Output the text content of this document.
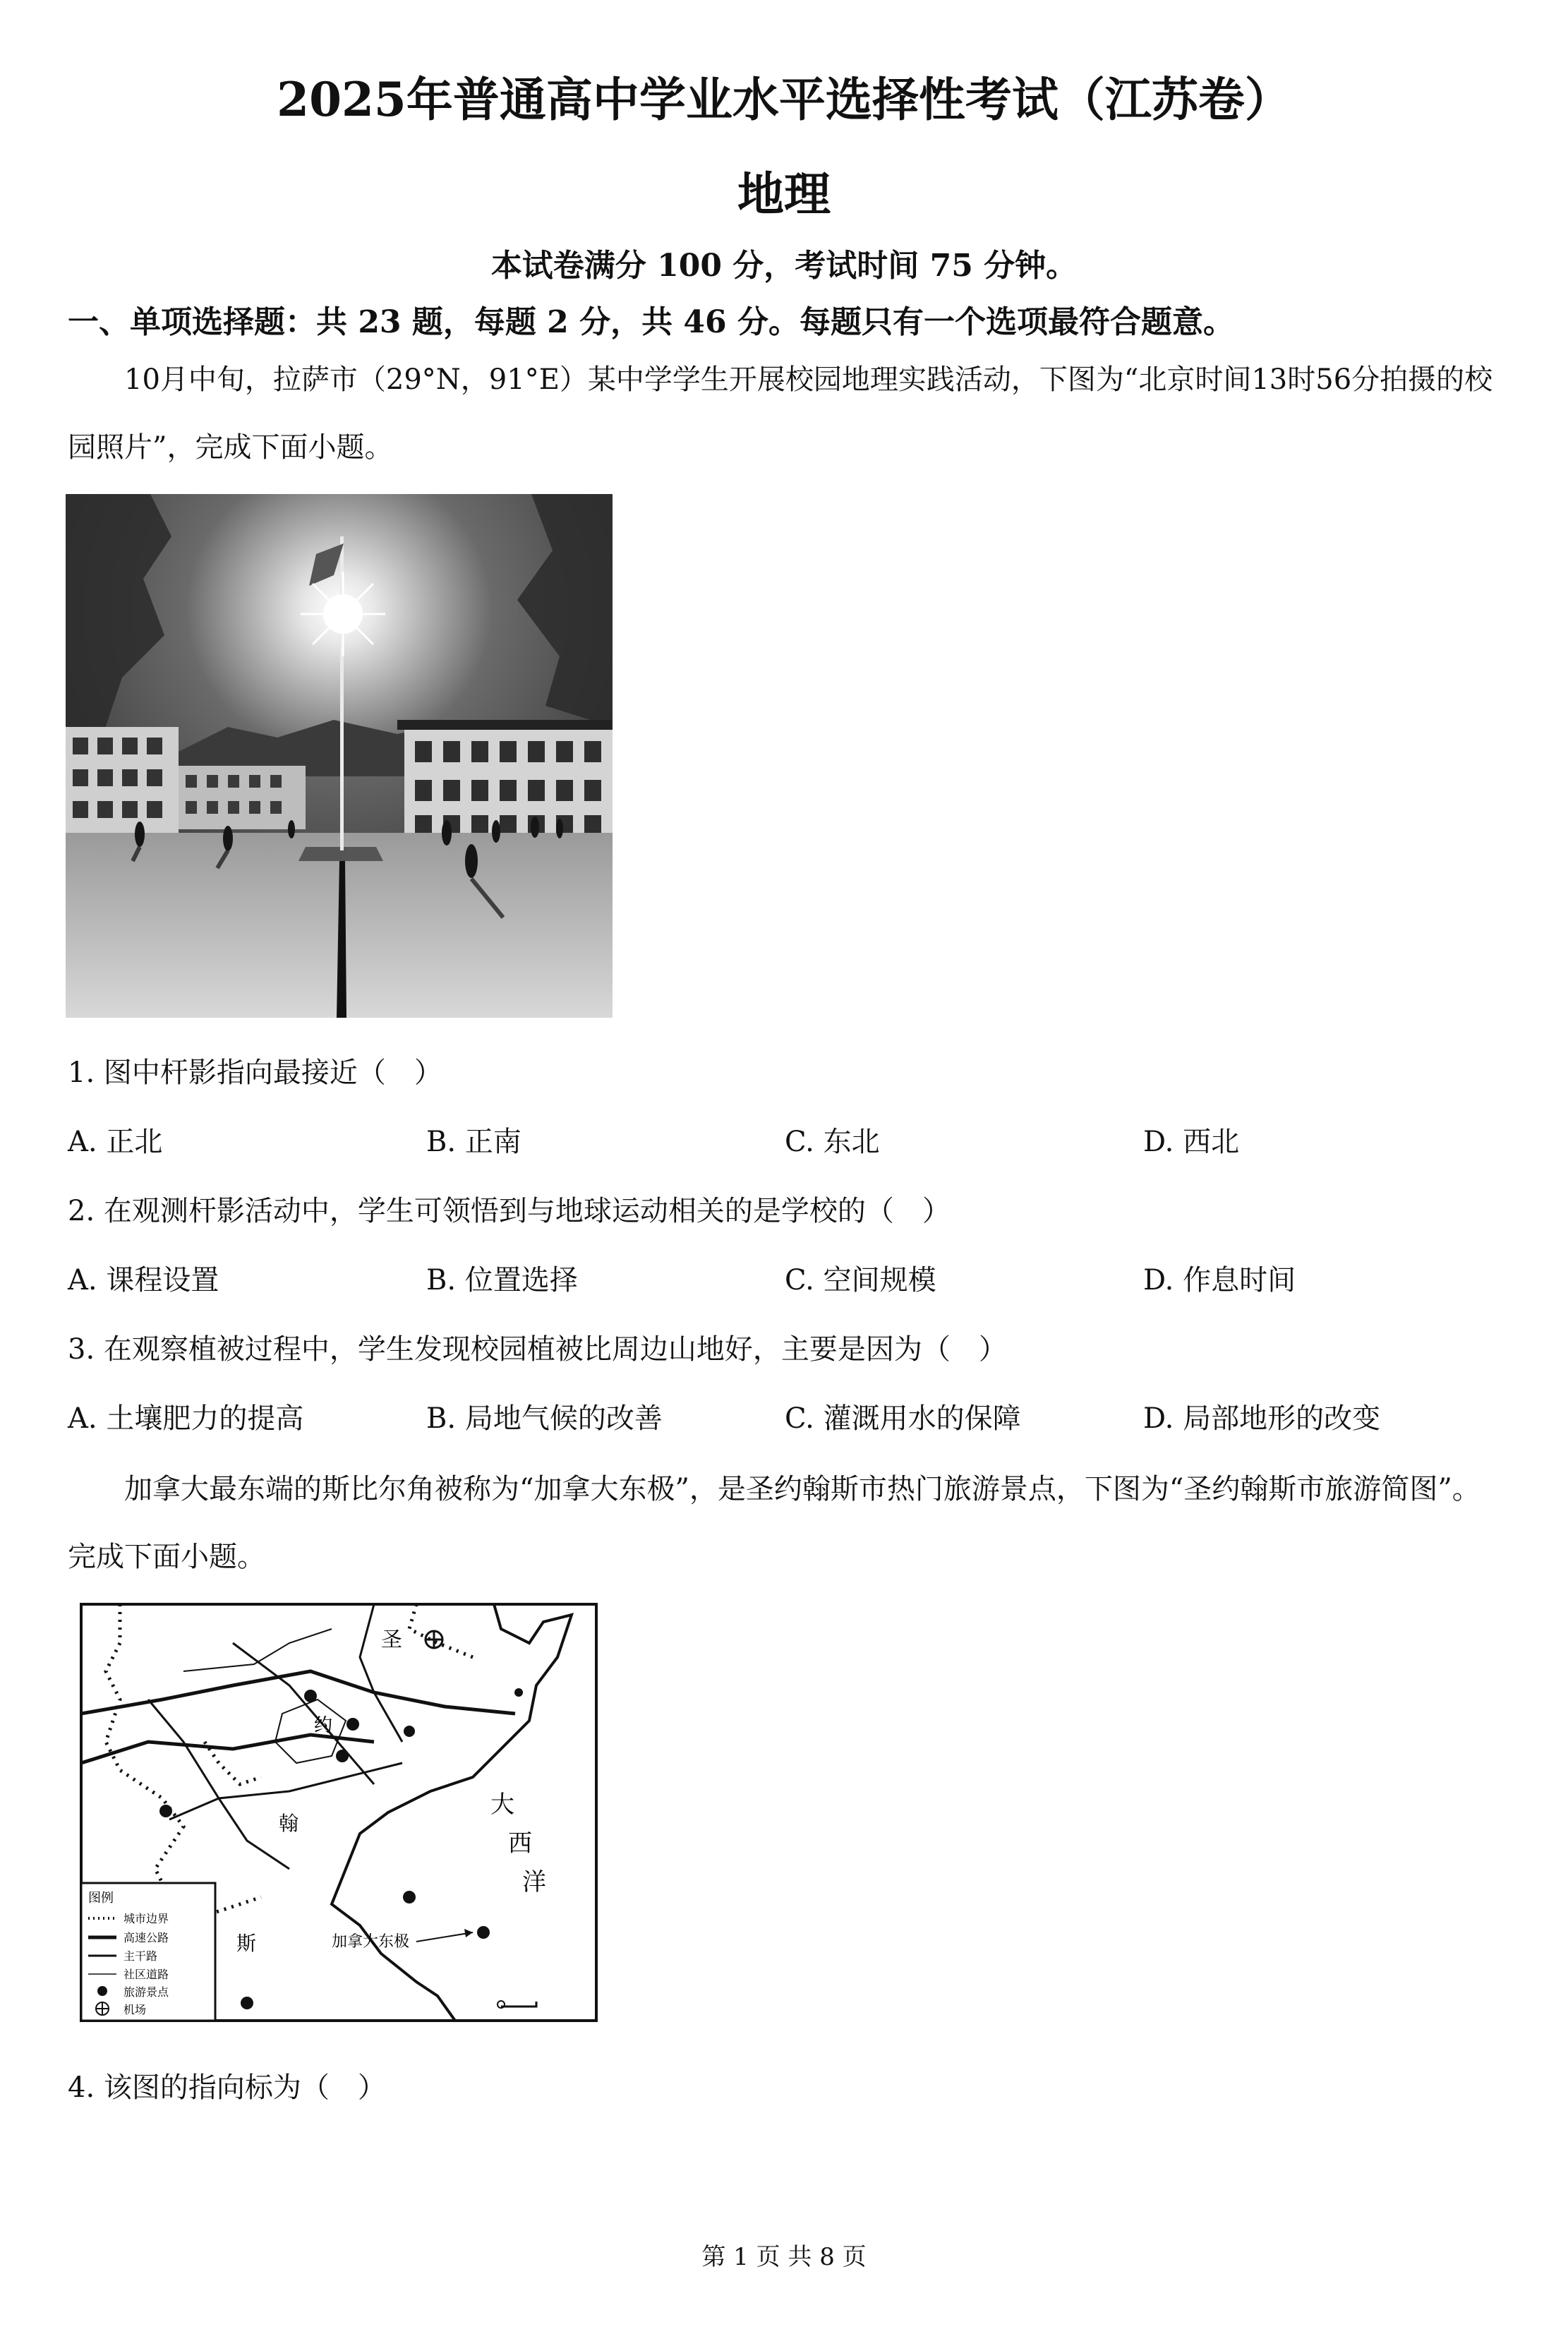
2025年普通高中学业水平选择性考试（江苏卷）
地理
本试卷满分 100 分，考试时间 75 分钟。
一、单项选择题：共 23 题，每题 2 分，共 46 分。每题只有一个选项最符合题意。
10月中旬，拉萨市（29°N，91°E）某中学学生开展校园地理实践活动，下图为“北京时间13时56分拍摄的校园照片”，完成下面小题。
1. 图中杆影指向最接近（　）
A. 正北	B. 正南	C. 东北	D. 西北
2. 在观测杆影活动中，学生可领悟到与地球运动相关的是学校的（　）
A. 课程设置	B. 位置选择	C. 空间规模	D. 作息时间
3. 在观察植被过程中，学生发现校园植被比周边山地好，主要是因为（　）
A. 土壤肥力的提高	B. 局地气候的改善	C. 灌溉用水的保障	D. 局部地形的改变
加拿大最东端的斯比尔角被称为“加拿大东极”，是圣约翰斯市热门旅游景点，下图为“圣约翰斯市旅游简图”。完成下面小题。
圣
约
翰
斯
大
西
洋
加拿大东极
图例
城市边界
高速公路
主干路
社区道路
旅游景点
机场
4. 该图的指向标为（　）
第 1 页 共 8 页
